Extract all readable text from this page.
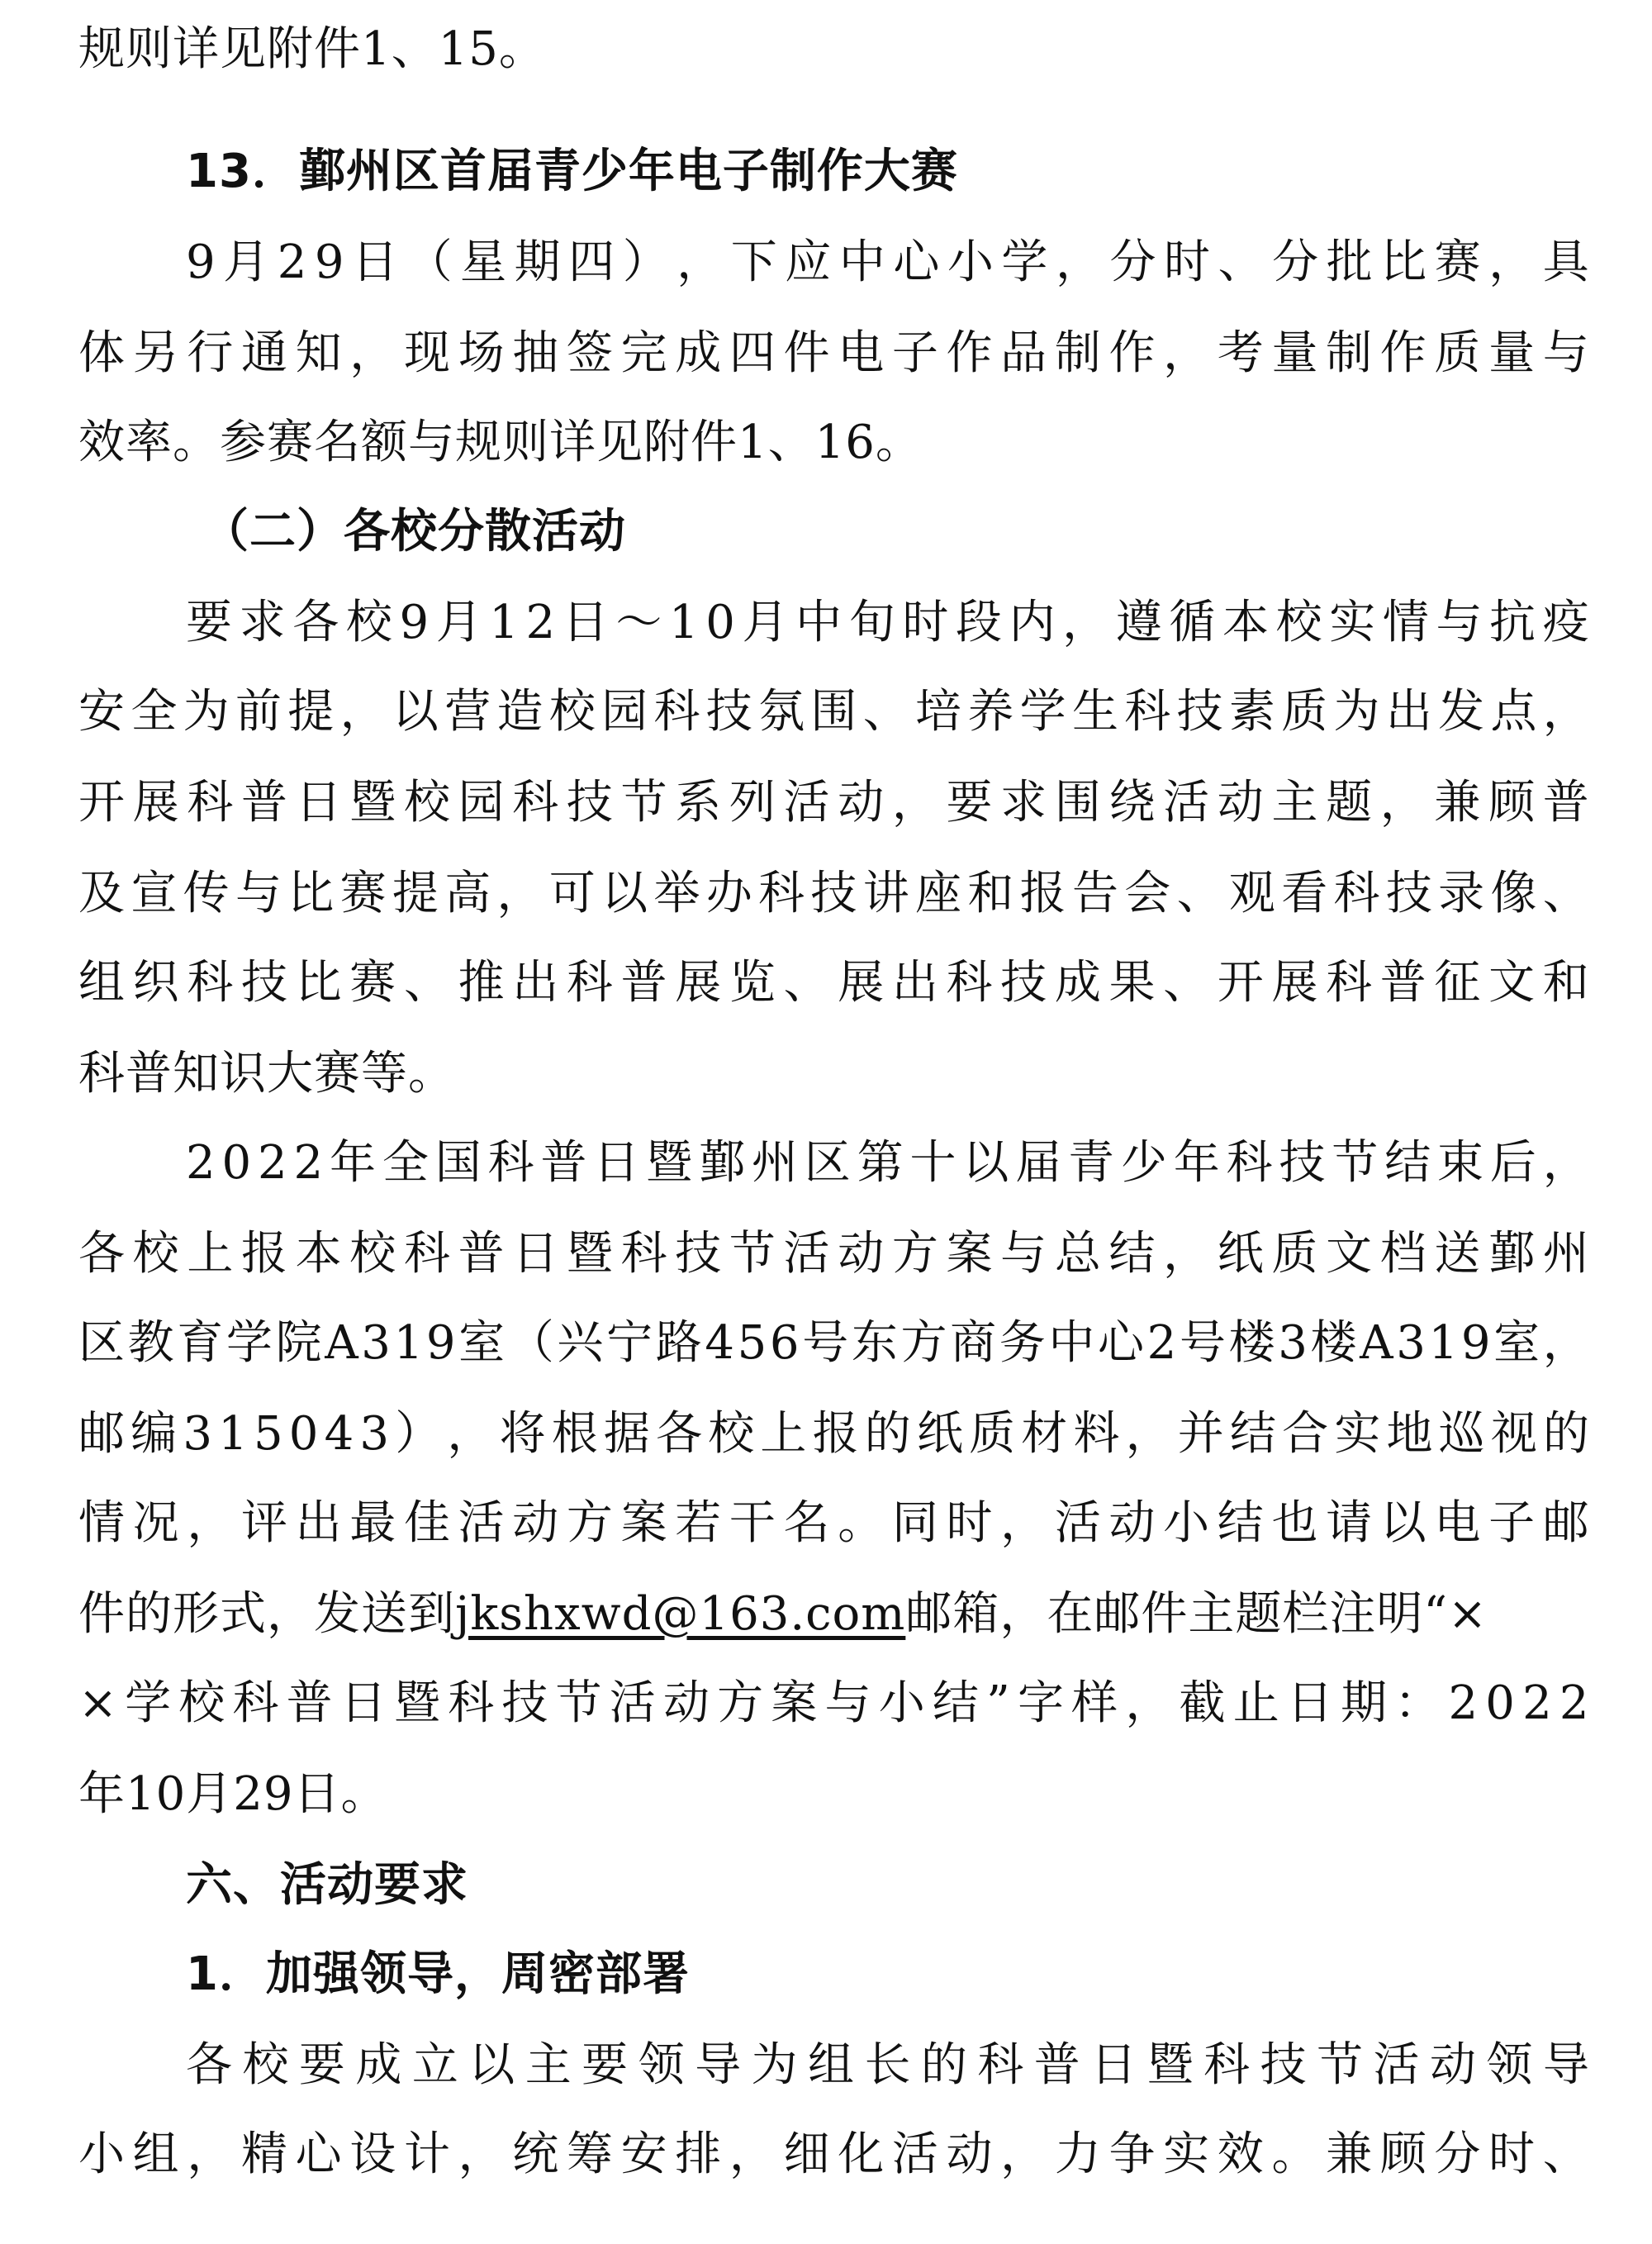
规则详见附件1、15。
13．鄞州区首届青少年电子制作大赛
9 月 2 9 日 （ 星 期 四 ） ， 下 应 中 心 小 学 ， 分 时 、 分 批 比 赛 ， 具
体 另 行 通 知 ， 现 场 抽 签 完 成 四 件 电 子 作 品 制 作 ， 考 量 制 作 质 量 与
效率。参赛名额与规则详见附件1、16。
（二）各校分散活动
要 求 各 校 9 月 1 2 日 ～ 1 0 月 中 旬 时 段 内 ， 遵 循 本 校 实 情 与 抗 疫
安 全 为 前 提 ， 以 营 造 校 园 科 技 氛 围 、 培 养 学 生 科 技 素 质 为 出 发 点 ，
开 展 科 普 日 暨 校 园 科 技 节 系 列 活 动 ， 要 求 围 绕 活 动 主 题 ， 兼 顾 普
及 宣 传 与 比 赛 提 高 ， 可 以 举 办 科 技 讲 座 和 报 告 会 、 观 看 科 技 录 像 、
组 织 科 技 比 赛 、 推 出 科 普 展 览 、 展 出 科 技 成 果 、 开 展 科 普 征 文 和
科普知识大赛等。
2 0 2 2 年 全 国 科 普 日 暨 鄞 州 区 第 十 以 届 青 少 年 科 技 节 结 束 后 ，
各 校 上 报 本 校 科 普 日 暨 科 技 节 活 动 方 案 与 总 结 ， 纸 质 文 档 送 鄞 州
区 教 育 学 院 A 3 1 9 室 （ 兴 宁 路 4 5 6 号 东 方 商 务 中 心 2 号 楼 3 楼 A 3 1 9 室 ，
邮 编 3 1 5 0 4 3 ） ， 将 根 据 各 校 上 报 的 纸 质 材 料 ， 并 结 合 实 地 巡 视 的
情 况 ， 评 出 最 佳 活 动 方 案 若 干 名 。 同 时 ， 活 动 小 结 也 请 以 电 子 邮
件的形式，发送到jkshxwd@163.com邮箱，在邮件主题栏注明“×
× 学 校 科 普 日 暨 科 技 节 活 动 方 案 与 小 结 ” 字 样 ， 截 止 日 期 ： 2 0 2 2
年10月29日。
六、活动要求
1．加强领导，周密部署
各 校 要 成 立 以 主 要 领 导 为 组 长 的 科 普 日 暨 科 技 节 活 动 领 导
小 组 ， 精 心 设 计 ， 统 筹 安 排 ， 细 化 活 动 ， 力 争 实 效 。 兼 顾 分 时 、
